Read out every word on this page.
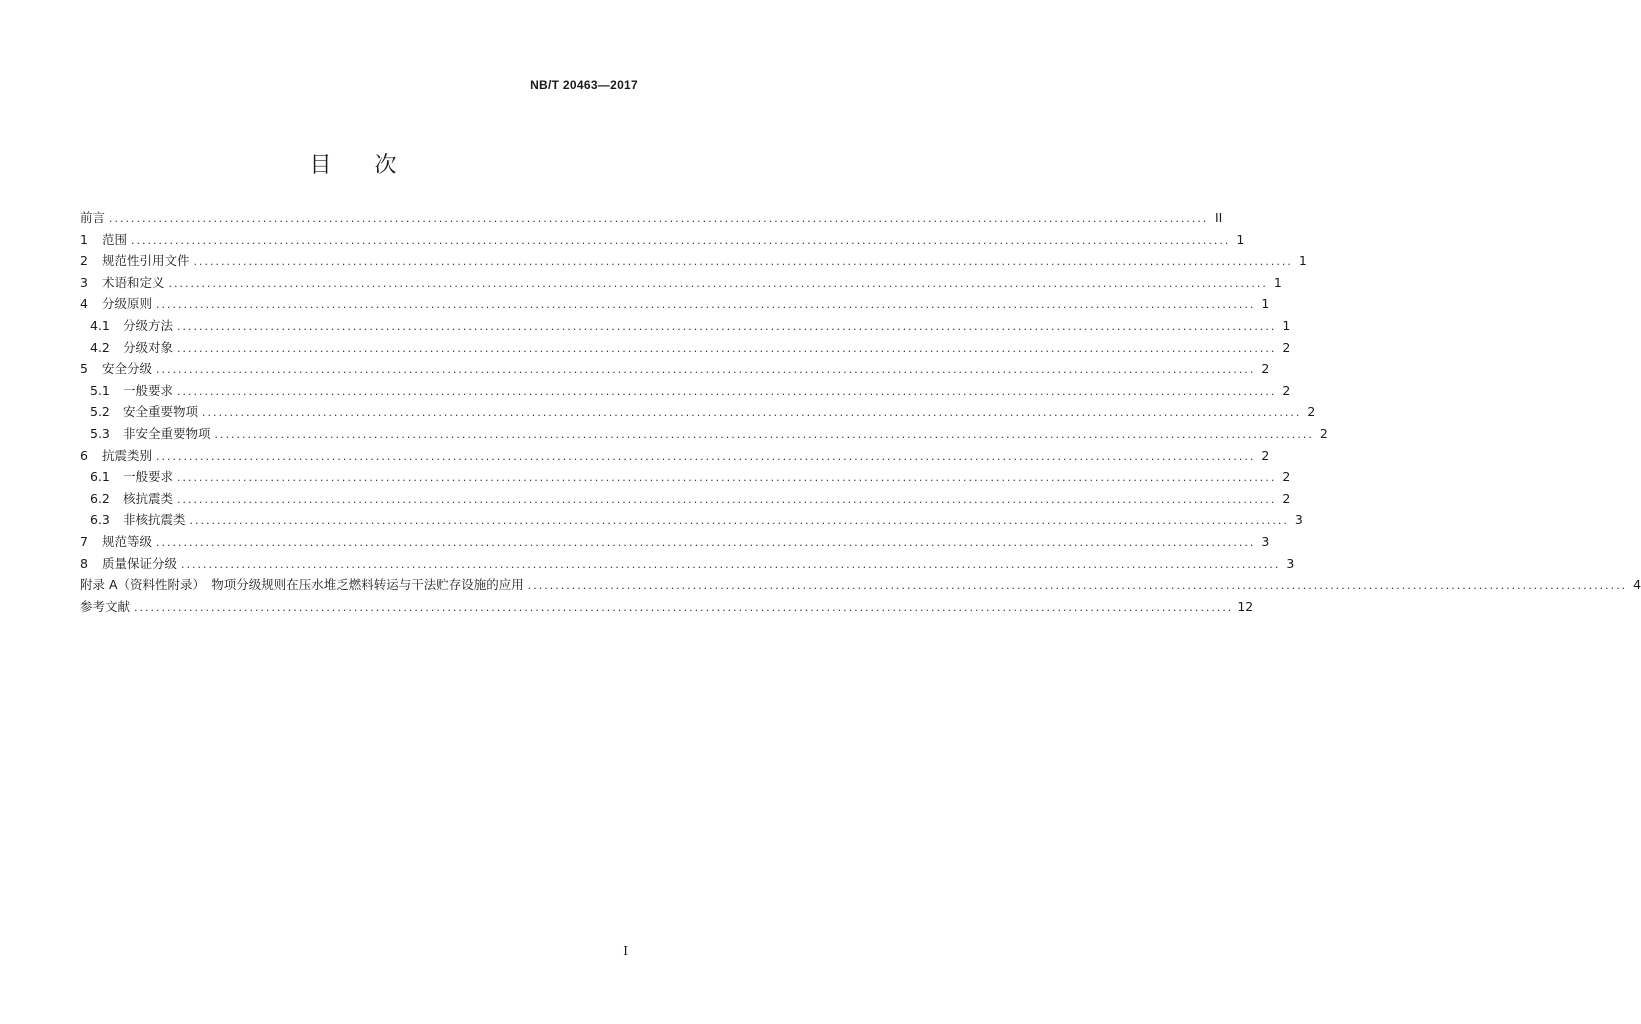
NB/T 20463—2017
目 次
前言 ........................................................................................................................................................................................................ II
1	范围 ........................................................................................................................................................................................................ 1
2	规范性引用文件 ........................................................................................................................................................................................................ 1
3	术语和定义 ........................................................................................................................................................................................................ 1
4	分级原则 ........................................................................................................................................................................................................ 1
4.1	分级方法 ........................................................................................................................................................................................................ 1
4.2	分级对象 ........................................................................................................................................................................................................ 2
5	安全分级 ........................................................................................................................................................................................................ 2
5.1	一般要求 ........................................................................................................................................................................................................ 2
5.2	安全重要物项 ........................................................................................................................................................................................................ 2
5.3	非安全重要物项 ........................................................................................................................................................................................................ 2
6	抗震类别 ........................................................................................................................................................................................................ 2
6.1	一般要求 ........................................................................................................................................................................................................ 2
6.2	核抗震类 ........................................................................................................................................................................................................ 2
6.3	非核抗震类 ........................................................................................................................................................................................................ 3
7	规范等级 ........................................................................................................................................................................................................ 3
8	质量保证分级 ........................................................................................................................................................................................................ 3
附录 A（资料性附录）　物项分级规则在压水堆乏燃料转运与干法贮存设施的应用 ........................................................................................................................................................................................................ 4
参考文献 ........................................................................................................................................................................................................ 12
I
